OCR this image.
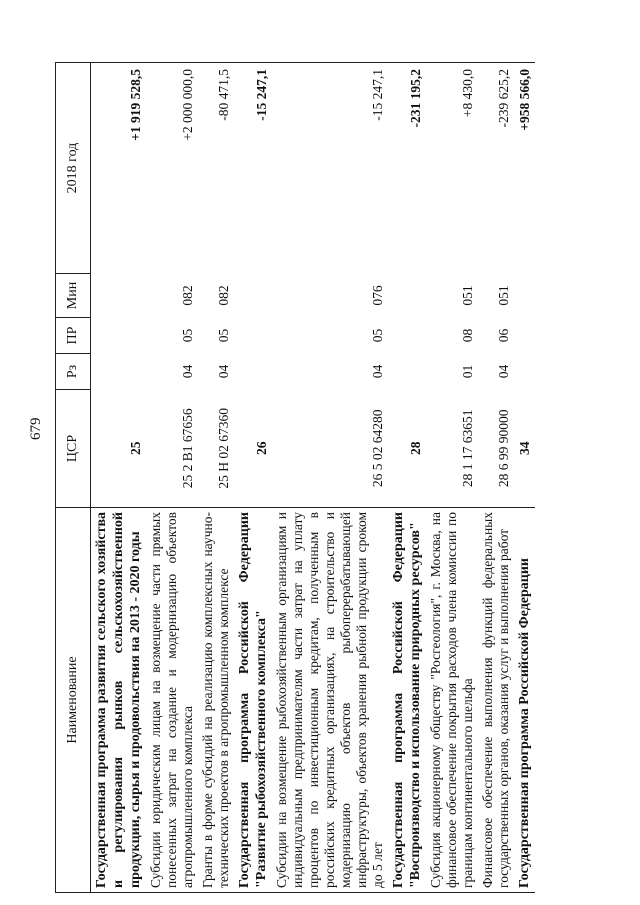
679
Наименование	ЦСР	Рз	ПР	Мин	2018 год
Государственная программа развития сельского хозяйства и регулирования рынков сельскохозяйственной продукции, сырья и продовольствия на 2013 - 2020 годы	25				+1 919 528,5
Субсидии юридическим лицам на возмещение части прямых понесенных затрат на создание и модернизацию объектов агропромышленного комплекса	25 2 В1 67656	04	05	082	+2 000 000,0
Гранты в форме субсидий на реализацию комплексных научно-технических проектов в агропромышленном комплексе	25 Н 02 67360	04	05	082	-80 471,5
Государственная программа Российской Федерации "Развитие рыбохозяйственного комплекса"	26				-15 247,1
Субсидии на возмещение рыбохозяйственным организациям и индивидуальным предпринимателям части затрат на уплату процентов по инвестиционным кредитам, полученным в российских кредитных организациях, на строительство и модернизацию объектов рыбоперерабатывающей инфраструктуры, объектов хранения рыбной продукции сроком до 5 лет	26 5 02 64280	04	05	076	-15 247,1
Государственная программа Российской Федерации "Воспроизводство и использование природных ресурсов"	28				-231 195,2
Субсидия акционерному обществу "Росгеология", г. Москва, на финансовое обеспечение покрытия расходов члена комиссии по границам континентального шельфа	28 1 17 63651	01	08	051	+8 430,0
Финансовое обеспечение выполнения функций федеральных государственных органов, оказания услуг и выполнения работ	28 6 99 90000	04	06	051	-239 625,2
Государственная программа Российской Федерации	34				+958 566,0
